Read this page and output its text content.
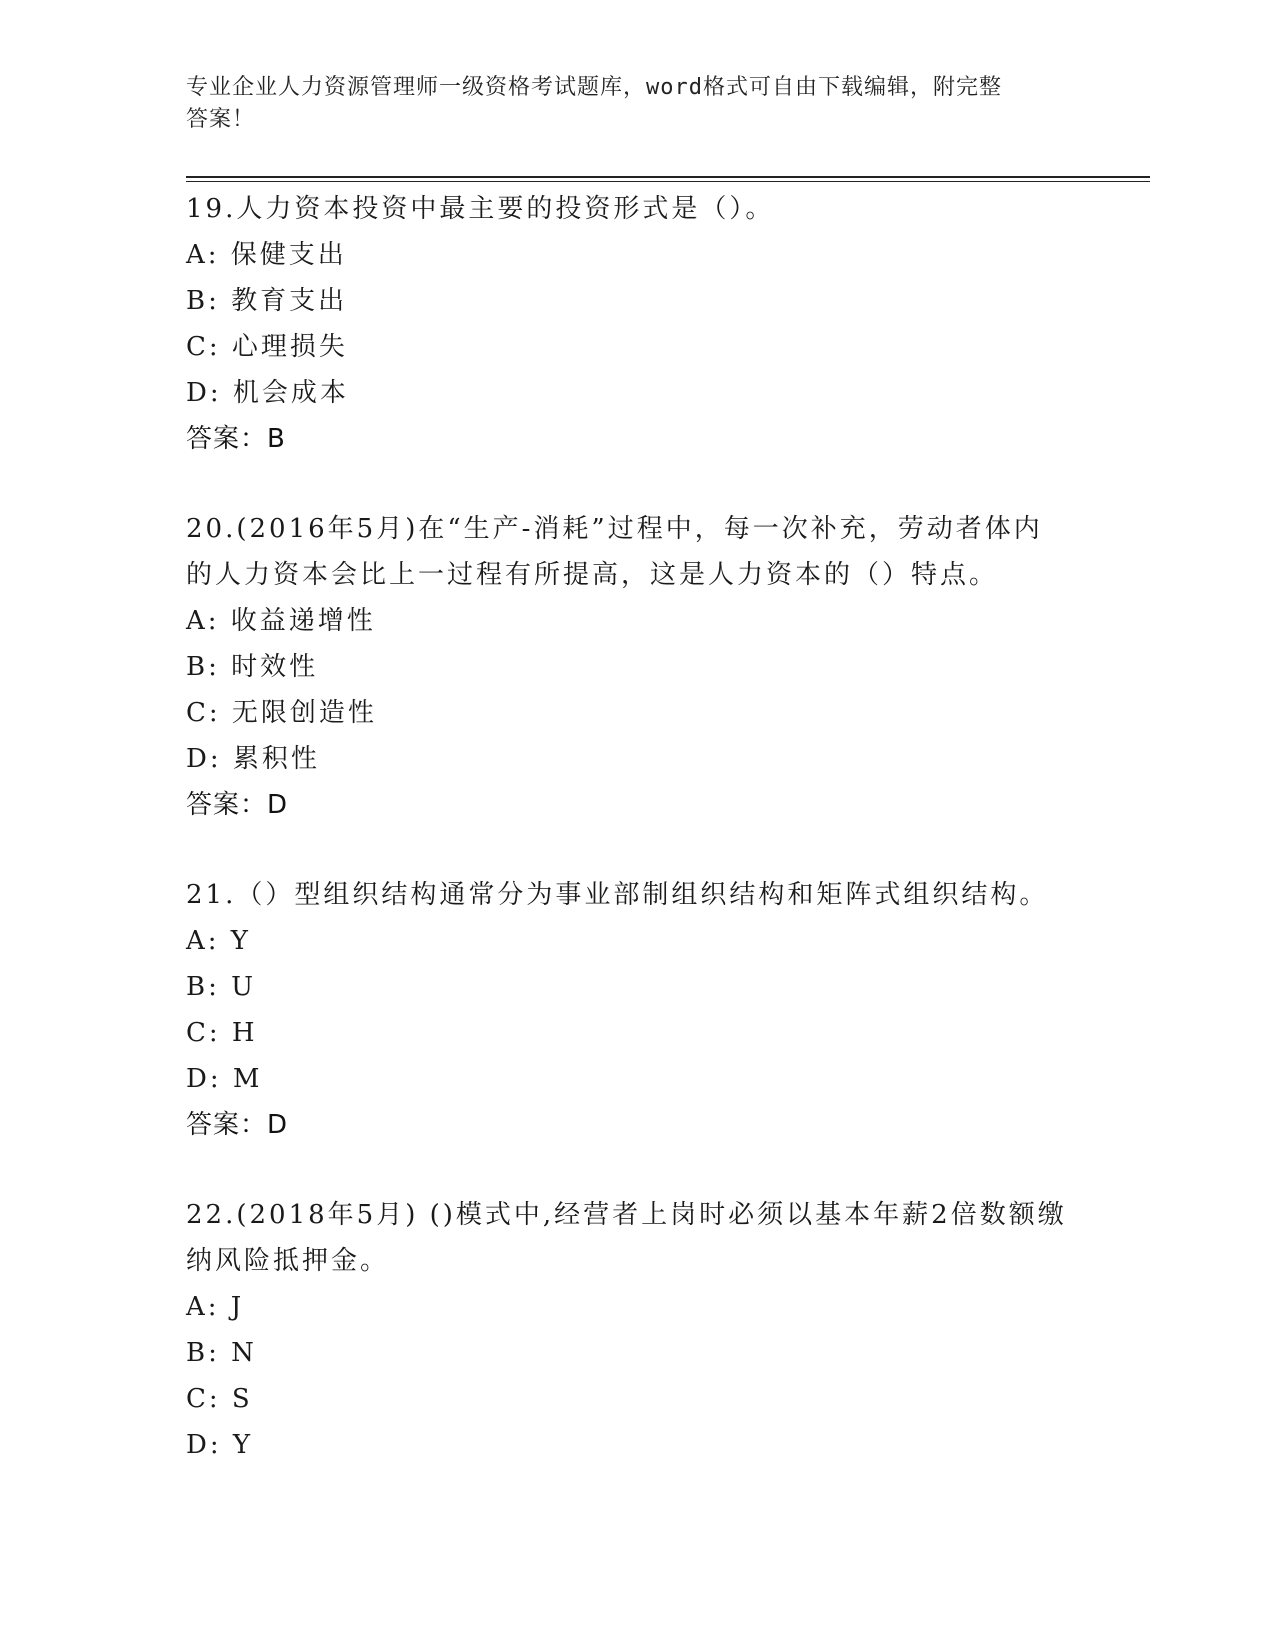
专业企业人力资源管理师一级资格考试题库，word格式可自由下载编辑，附完整
答案！
19.人力资本投资中最主要的投资形式是（）。
A: 保健支出
B: 教育支出
C: 心理损失
D: 机会成本
答案：B
20.(2016年5月)在“生产-消耗”过程中，每一次补充，劳动者体内
的人力资本会比上一过程有所提高，这是人力资本的（）特点。
A: 收益递增性
B: 时效性
C: 无限创造性
D: 累积性
答案：D
21.（）型组织结构通常分为事业部制组织结构和矩阵式组织结构。
A: Y
B: U
C: H
D: M
答案：D
22.(2018年5月) ()模式中,经营者上岗时必须以基本年薪2倍数额缴
纳风险抵押金。
A: J
B: N
C: S
D: Y
